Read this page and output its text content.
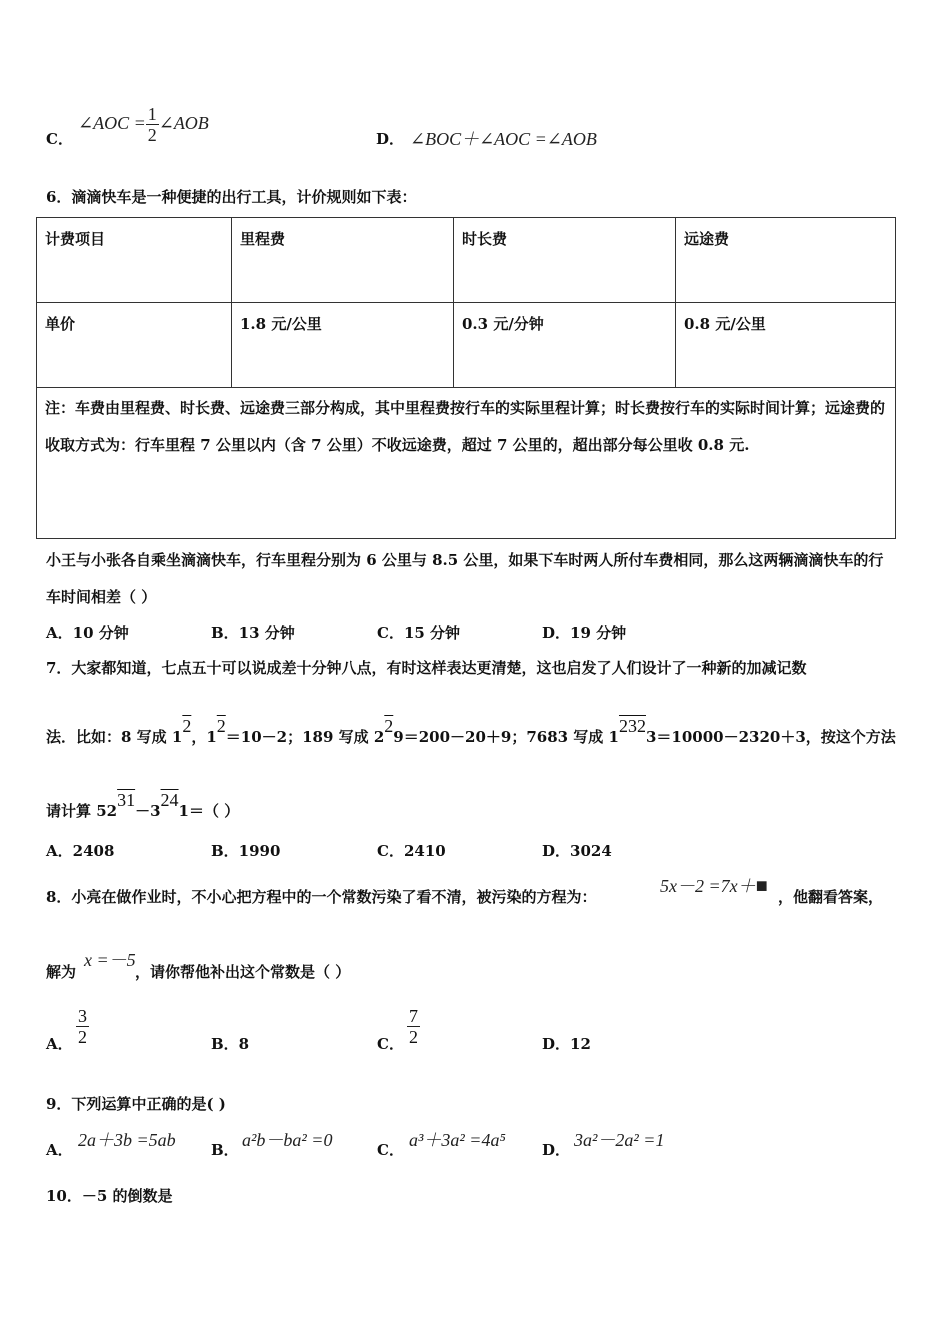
C．
∠AOC = $\frac{1}{2}$ ∠AOB
D． ∠BOC＋∠AOC =∠AOB
6．滴滴快车是一种便捷的出行工具，计价规则如下表：
计费项目	里程费	时长费	远途费
单价	1.8 元/公里	0.3 元/分钟	0.8 元/公里
注：车费由里程费、时长费、远途费三部分构成，其中里程费按行车的实际里程计算；时长费按行车的实际时间计算；远途费的收取方式为：行车里程 7 公里以内（含 7 公里）不收远途费，超过 7 公里的，超出部分每公里收 0.8 元.			
小王与小张各自乘坐滴滴快车，行车里程分别为 6 公里与 8.5 公里，如果下车时两人所付车费相同，那么这两辆滴滴快车的行车时间相差（ ）
A．10 分钟	B．13 分钟	C．15 分钟	D．19 分钟
7．大家都知道，七点五十可以说成差十分钟八点，有时这样表达更清楚，这也启发了人们设计了一种新的加减记数
法．比如：8 写成 12，12＝10－2；189 写成 229＝200－20＋9；7683 写成 12323＝10000－2320＋3，按这个方法
请计算 5231－3241＝（ ）
A．2408	B．1990	C．2410	D．3024
8．小亮在做作业时，不小心把方程中的一个常数污染了看不清，被污染的方程为：
5x－2 =7x＋■ ，他翻看答案，
解为
x =－5
，请你帮他补出这个常数是（ ）
A． $\frac{3}{2}$	B．8	C． $\frac{7}{2}$	D．12
9．下列运算中正确的是( )
A． 2a＋3b =5ab B． a²b－ba² =0	C． a³＋3a² =4a⁵ D． 3a²－2a² =1
10．－5 的倒数是
